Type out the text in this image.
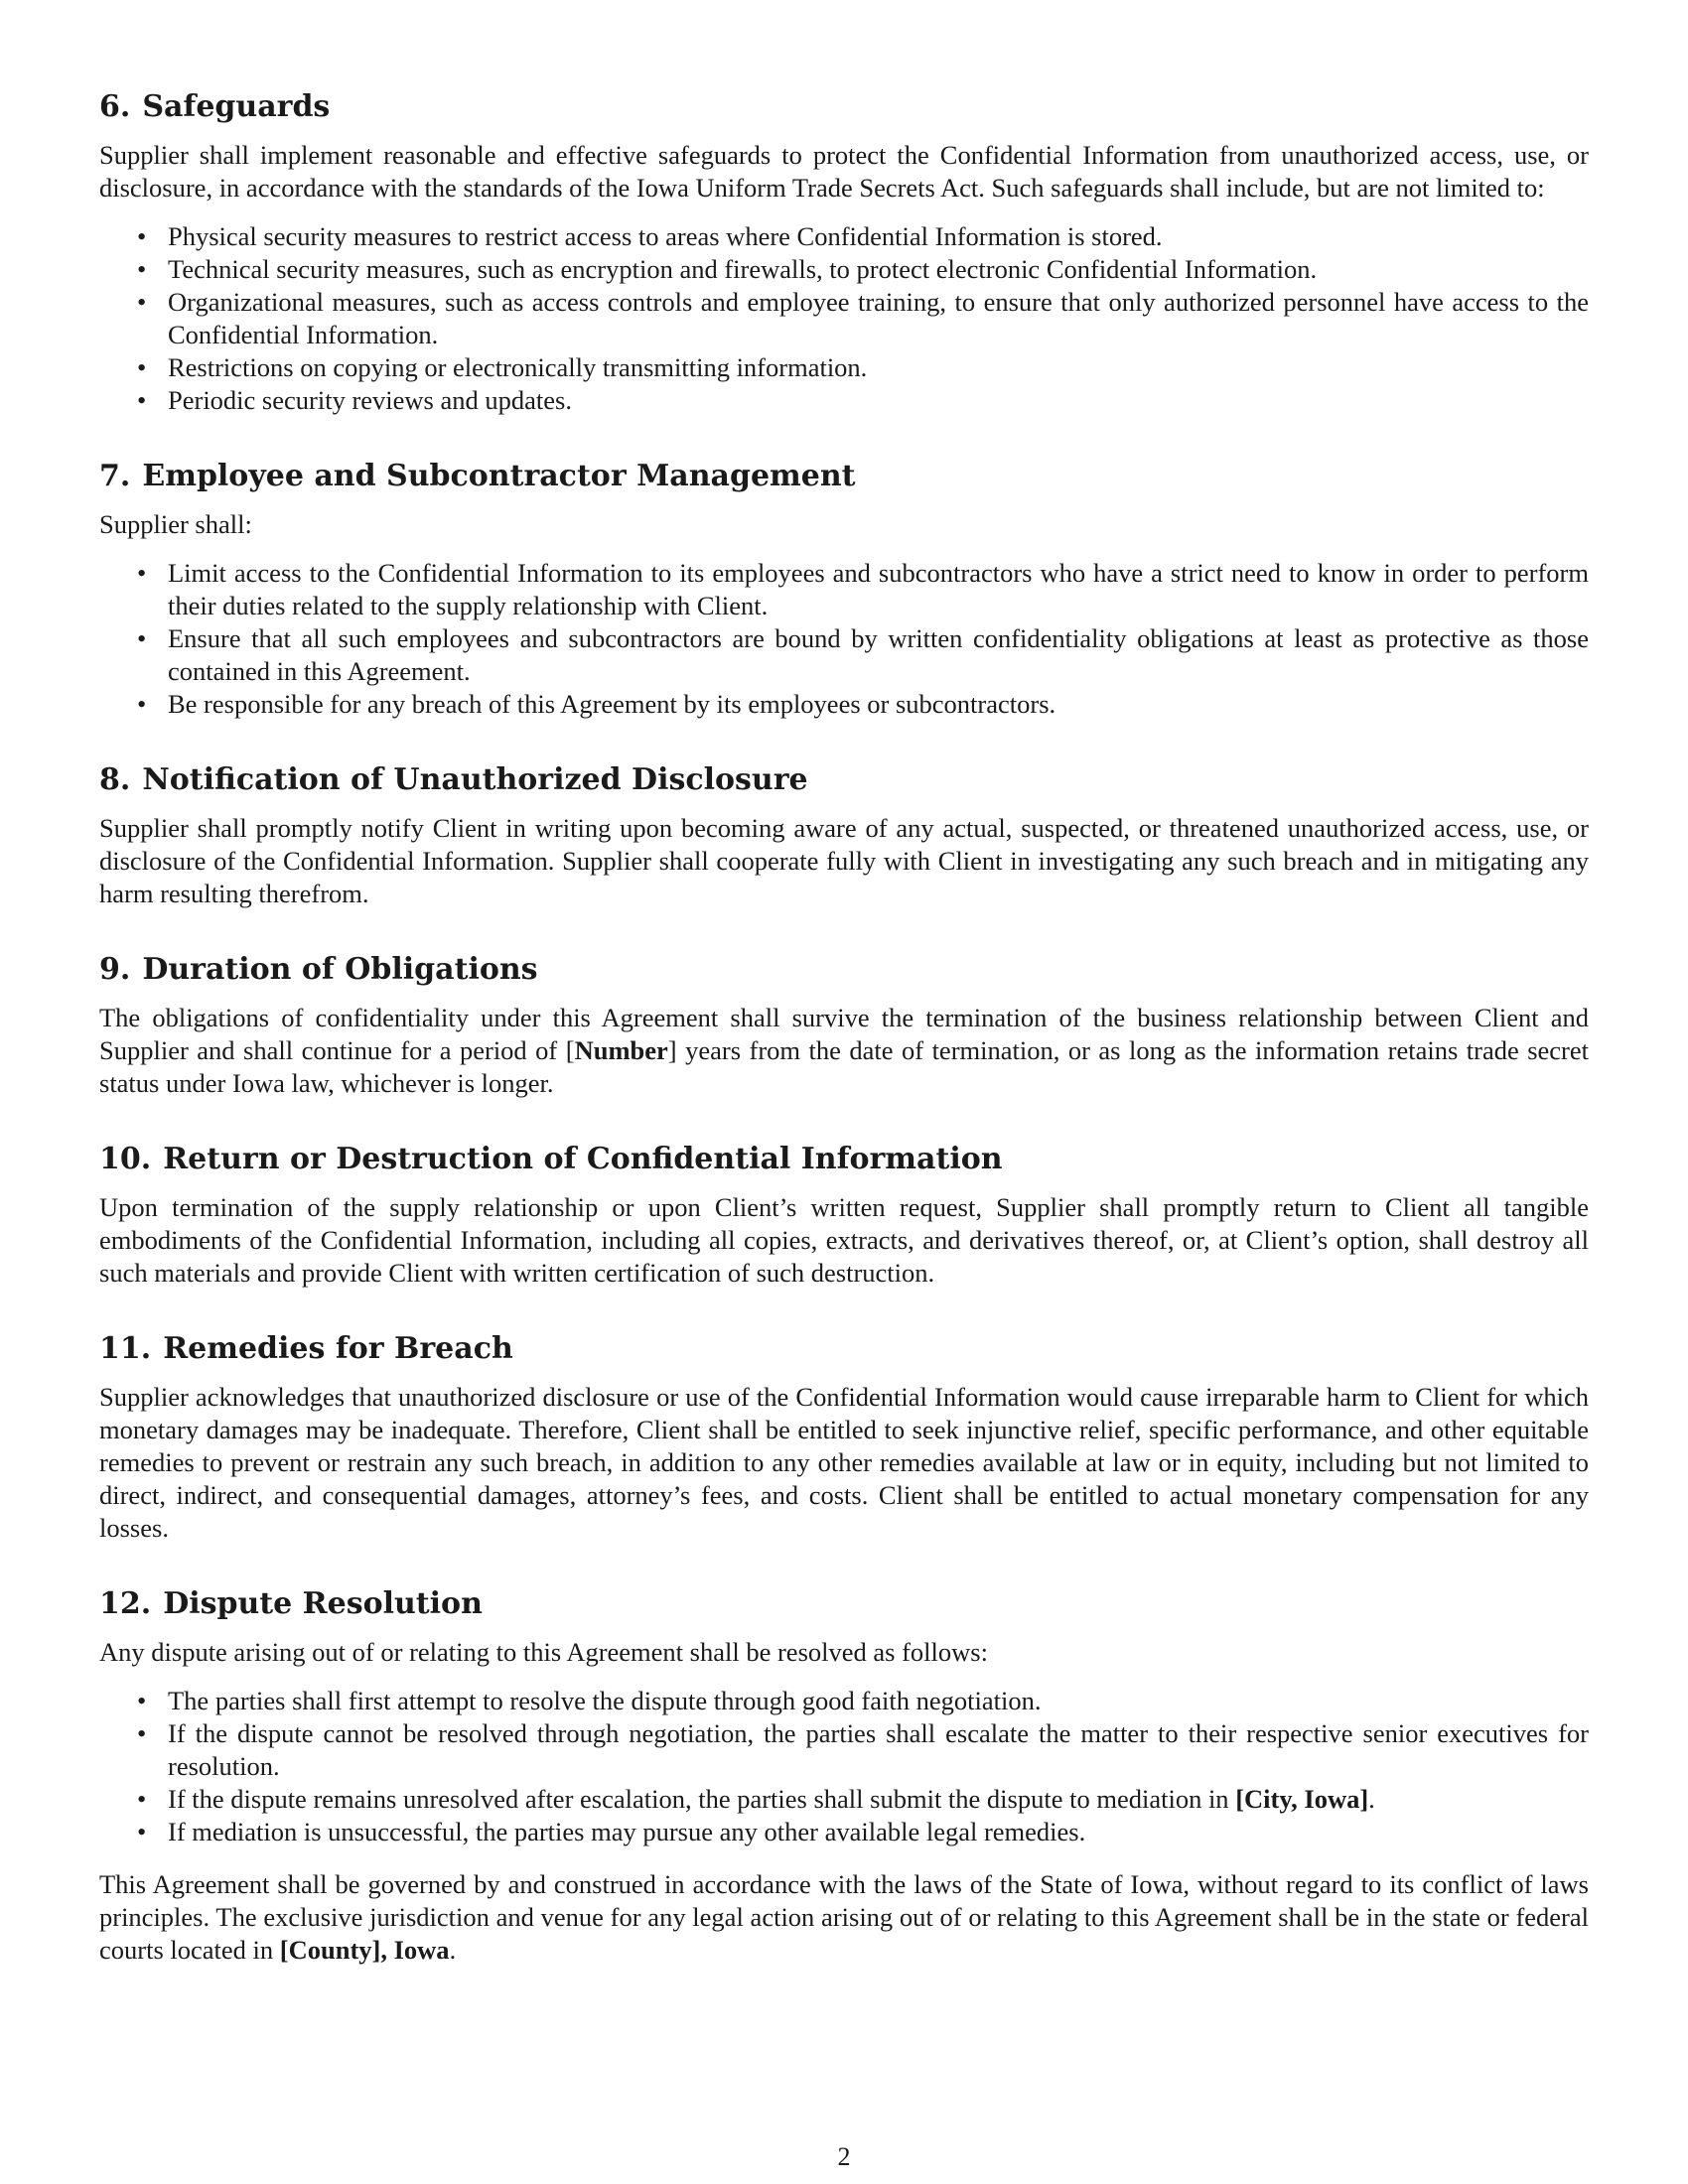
6. Safeguards

Supplier shall implement reasonable and effective safeguards to protect the Confidential Information from unauthorized access, use, or disclosure, in accordance with the standards of the Iowa Uniform Trade Secrets Act. Such safeguards shall include, but are not limited to:

• Physical security measures to restrict access to areas where Confidential Information is stored.
• Technical security measures, such as encryption and firewalls, to protect electronic Confidential Information.
• Organizational measures, such as access controls and employee training, to ensure that only authorized personnel have access to the Confidential Information.
• Restrictions on copying or electronically transmitting information.
• Periodic security reviews and updates.
7. Employee and Subcontractor Management

Supplier shall:

• Limit access to the Confidential Information to its employees and subcontractors who have a strict need to know in order to perform their duties related to the supply relationship with Client.
• Ensure that all such employees and subcontractors are bound by written confidentiality obligations at least as protective as those contained in this Agreement.
• Be responsible for any breach of this Agreement by its employees or subcontractors.
8. Notification of Unauthorized Disclosure

Supplier shall promptly notify Client in writing upon becoming aware of any actual, suspected, or threatened unauthorized access, use, or disclosure of the Confidential Information. Supplier shall cooperate fully with Client in investigating any such breach and in mitigating any harm resulting therefrom.

9. Duration of Obligations

The obligations of confidentiality under this Agreement shall survive the termination of the business relationship between Client and Supplier and shall continue for a period of [Number] years from the date of termination, or as long as the information retains trade secret status under Iowa law, whichever is longer.

10. Return or Destruction of Confidential Information

Upon termination of the supply relationship or upon Client’s written request, Supplier shall promptly return to Client all tangible embodiments of the Confidential Information, including all copies, extracts, and derivatives thereof, or, at Client’s option, shall destroy all such materials and provide Client with written certification of such destruction.

11. Remedies for Breach

Supplier acknowledges that unauthorized disclosure or use of the Confidential Information would cause irreparable harm to Client for which monetary damages may be inadequate. Therefore, Client shall be entitled to seek injunctive relief, specific performance, and other equitable remedies to prevent or restrain any such breach, in addition to any other remedies available at law or in equity, including but not limited to direct, indirect, and consequential damages, attorney’s fees, and costs. Client shall be entitled to actual monetary compensation for any losses.

12. Dispute Resolution

Any dispute arising out of or relating to this Agreement shall be resolved as follows:

• The parties shall first attempt to resolve the dispute through good faith negotiation.
• If the dispute cannot be resolved through negotiation, the parties shall escalate the matter to their respective senior executives for resolution.
• If the dispute remains unresolved after escalation, the parties shall submit the dispute to mediation in [City, Iowa].
• If mediation is unsuccessful, the parties may pursue any other available legal remedies.

This Agreement shall be governed by and construed in accordance with the laws of the State of Iowa, without regard to its conflict of laws principles. The exclusive jurisdiction and venue for any legal action arising out of or relating to this Agreement shall be in the state or federal courts located in [County], Iowa.

2
